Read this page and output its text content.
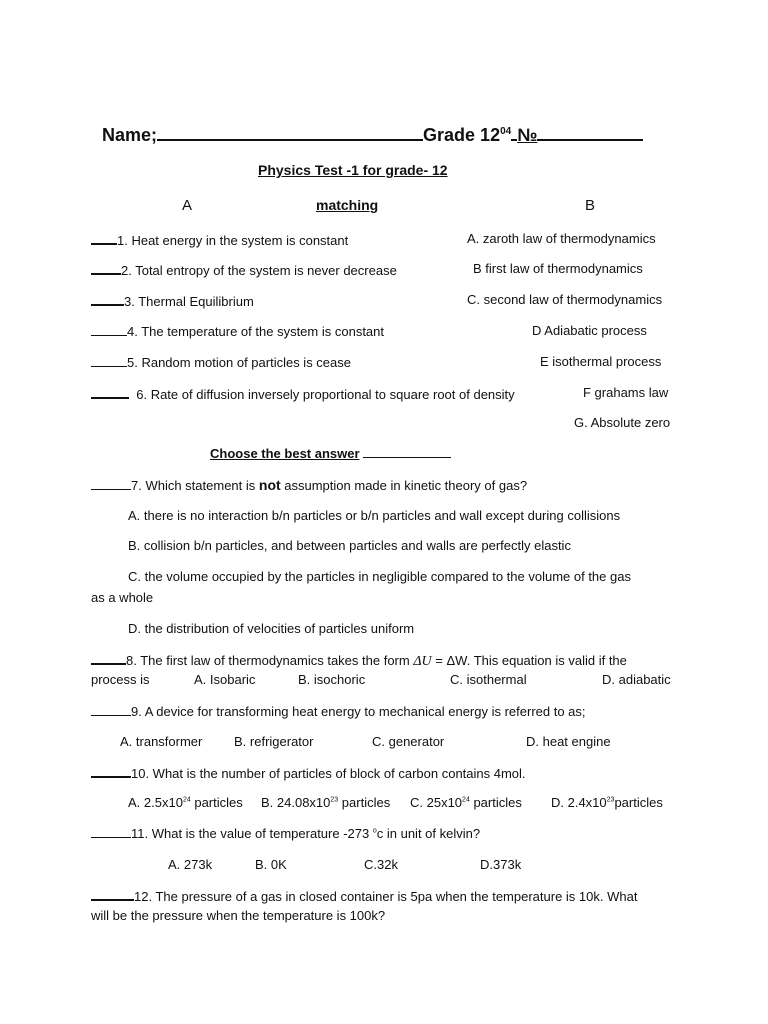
Name;	Grade $12^{04}$ №
Physics Test -1 for grade- 12
A	matching	B
1. Heat energy in the system is constant
2. Total entropy of the system is never decrease
3. Thermal Equilibrium
4. The temperature of the system is constant
5. Random motion of particles is cease
6. Rate of diffusion inversely proportional to square root of density
A. zaroth law of thermodynamics
B first law of thermodynamics
C. second law of thermodynamics
D Adiabatic process
E isothermal process
F grahams law
G. Absolute zero
Choose the best answer
7. Which statement is not assumption made in kinetic theory of gas?
A. there is no interaction b/n particles or b/n particles and wall except during collisions
B. collision b/n particles, and between particles and walls are perfectly elastic
C. the volume occupied by the particles in negligible compared to the volume of the gas
as a whole
D. the distribution of velocities of particles uniform
8. The first law of thermodynamics takes the form ΔU = ΔW. This equation is valid if the
process is	A. Isobaric	B. isochoric	C. isothermal	D. adiabatic
9. A device for transforming heat energy to mechanical energy is referred to as;
A. transformer B. refrigerator	C. generator	D. heat engine
10. What is the number of particles of block of carbon contains 4mol.
A. $2.5x10^{24}$ particles B. $24.08x10^{23}$ particles C. $25x10^{24}$ particles D. $2.4x10^{23}particles$
11. What is the value of temperature -273 $^o$c in unit of kelvin?
A. 273k	B. 0K	C.32k	D.373k
12. The pressure of a gas in closed container is 5pa when the temperature is 10k. What
will be the pressure when the temperature is 100k?
